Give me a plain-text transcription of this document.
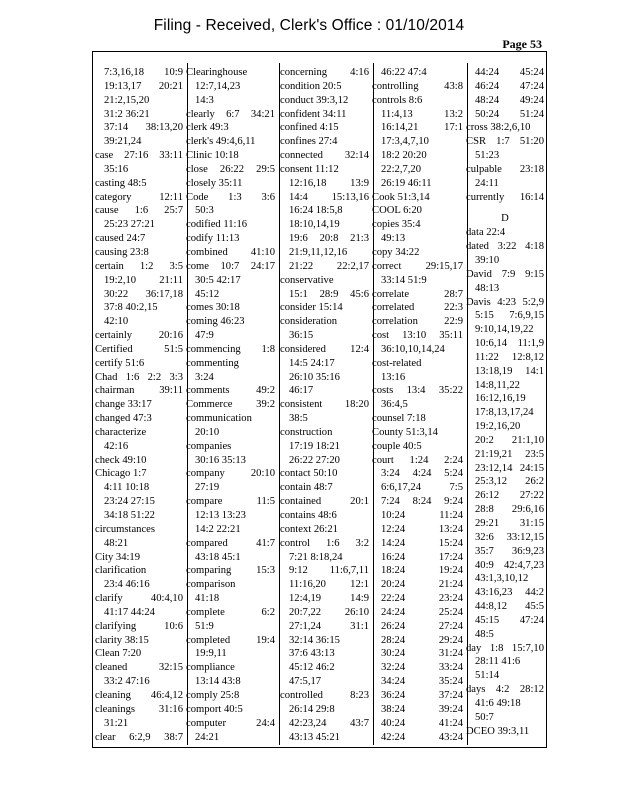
Filing - Received, Clerk's Office : 01/10/2014
Page 53
7:3,16,18 10:9
19:13,17 20:21
21:2,15,20
31:2 36:21
37:14 38:13,20
39:21,24
case 27:16 33:11
35:16
casting 48:5
category 12:11
cause 1:6 25:7
25:23 27:21
caused 24:7
causing 23:8
certain 1:2 3:5
19:2,10 21:11
30:22 36:17,18
37:8 40:2,15
42:10
certainly 20:16
Certified 51:5
certify 51:6
Chad 1:6 2:2 3:3
chairman 39:11
change 33:17
changed 47:3
characterize
42:16
check 49:10
Chicago 1:7
4:11 10:18
23:24 27:15
34:18 51:22
circumstances
48:21
City 34:19
clarification
23:4 46:16
clarify 40:4,10
41:17 44:24
clarifying 10:6
clarity 38:15
Clean 7:20
cleaned 32:15
33:2 47:16
cleaning 46:4,12
cleanings 31:16
31:21
clear 6:2,9 38:7
Clearinghouse
12:7,14,23
14:3
clearly 6:7 34:21
clerk 49:3
clerk's 49:4,6,11
Clinic 10:18
close 26:22 29:5
closely 35:11
Code 1:3 3:6
50:3
codified 11:16
codify 11:13
combined 41:10
come 10:7 24:17
30:5 42:17
45:12
comes 30:18
coming 46:23
47:9
commencing 1:8
commenting
3:24
comments 49:2
Commerce 39:2
communication
20:10
companies
30:16 35:13
company 20:10
27:19
compare 11:5
12:13 13:23
14:2 22:21
compared 41:7
43:18 45:1
comparing 15:3
comparison
41:18
complete 6:2
51:9
completed 19:4
19:9,11
compliance
13:14 43:8
comply 25:8
comport 40:5
computer 24:4
24:21
concerning 4:16
condition 20:5
conduct 39:3,12
confident 34:11
confined 4:15
confines 27:4
connected 32:14
consent 11:12
12:16,18 13:9
14:4 15:13,16
16:24 18:5,8
18:10,14,19
19:6 20:8 21:3
21:9,11,12,16
21:22 22:2,17
conservative
15:1 28:9 45:6
consider 15:14
consideration
36:15
considered 12:4
14:5 24:17
26:10 35:16
46:17
consistent 18:20
38:5
construction
17:19 18:21
26:22 27:20
contact 50:10
contain 48:7
contained 20:1
contains 48:6
context 26:21
control 1:6 3:2
7:21 8:18,24
9:12 11:6,7,11
11:16,20 12:1
12:4,19 14:9
20:7,22 26:10
27:1,24 31:1
32:14 36:15
37:6 43:13
45:12 46:2
47:5,17
controlled 8:23
26:14 29:8
42:23,24 43:7
43:13 45:21
46:22 47:4
controlling 43:8
controls 8:6
11:4,13 13:2
16:14,21 17:1
17:3,4,7,10
18:2 20:20
22:2,7,20
26:19 46:11
Cook 51:3,14
COOL 6:20
copies 35:4
49:13
copy 34:22
correct 29:15,17
33:14 51:9
correlate 28:7
correlated 22:3
correlation 22:9
cost 13:10 35:11
36:10,10,14,24
cost-related
13:16
costs 13:4 35:22
36:4,5
counsel 7:18
County 51:3,14
couple 40:5
court 1:24 2:24
3:24 4:24 5:24
6:6,17,24 7:5
7:24 8:24 9:24
10:24 11:24
12:24 13:24
14:24 15:24
16:24 17:24
18:24 19:24
20:24 21:24
22:24 23:24
24:24 25:24
26:24 27:24
28:24 29:24
30:24 31:24
32:24 33:24
34:24 35:24
36:24 37:24
38:24 39:24
40:24 41:24
42:24 43:24
44:24 45:24
46:24 47:24
48:24 49:24
50:24 51:24
cross 38:2,6,10
CSR 1:7 51:20
51:23
culpable 23:18
24:11
currently 16:14
D
data 22:4
dated 3:22 4:18
39:10
David 7:9 9:15
48:13
Davis 4:23 5:2,9
5:15 7:6,9,15
9:10,14,19,22
10:6,14 11:1,9
11:22 12:8,12
13:18,19 14:1
14:8,11,22
16:12,16,19
17:8,13,17,24
19:2,16,20
20:2 21:1,10
21:19,21 23:5
23:12,14 24:15
25:3,12 26:2
26:12 27:22
28:8 29:6,16
29:21 31:15
32:6 33:12,15
35:7 36:9,23
40:9 42:4,7,23
43:1,3,10,12
43:16,23 44:2
44:8,12 45:5
45:15 47:24
48:5
day 1:8 15:7,10
28:11 41:6
51:14
days 4:2 28:12
41:6 49:18
50:7
DCEO 39:3,11
